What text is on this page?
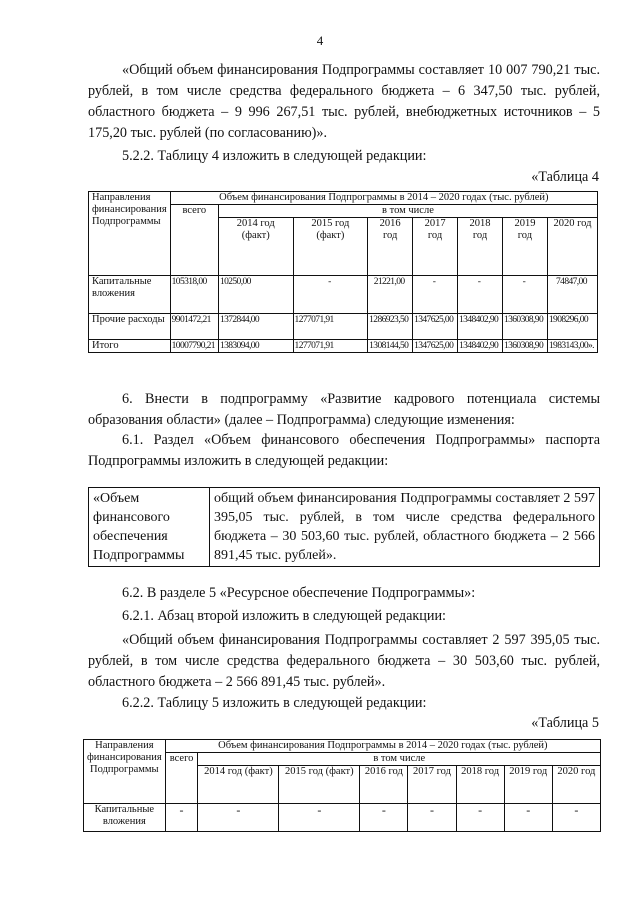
4
«Общий объем финансирования Подпрограммы составляет 10 007 790,21 тыс. рублей, в том числе средства федерального бюджета – 6 347,50 тыс. рублей, областного бюджета – 9 996 267,51 тыс. рублей, внебюджетных источников – 5 175,20 тыс. рублей (по согласованию)».
5.2.2. Таблицу 4 изложить в следующей редакции:
«Таблица 4
Направления финансирования Подпрограммы	Объем финансирования Подпрограммы в 2014 – 2020 годах (тыс. рублей)							
	всего	в том числе						
		2014 год (факт)	2015 год (факт)	2016 год	2017 год	2018 год	2019 год	2020 год
Капитальные вложения	105318,00	10250,00	-	21221,00	-	-	-	74847,00
Прочие расходы	9901472,21	1372844,00	1277071,91	1286923,50	1347625,00	1348402,90	1360308,90	1908296,00
Итого	10007790,21	1383094,00	1277071,91	1308144,50	1347625,00	1348402,90	1360308,90	1983143,00».
6. Внести в подпрограмму «Развитие кадрового потенциала системы образования области» (далее – Подпрограмма) следующие изменения:
6.1. Раздел «Объем финансового обеспечения Подпрограммы» паспорта Подпрограммы изложить в следующей редакции:
«Объем финансового обеспечения Подпрограммы	общий объем финансирования Подпрограммы составляет 2 597 395,05 тыс. рублей, в том числе средства федерального бюджета – 30 503,60 тыс. рублей, областного бюджета – 2 566 891,45 тыс. рублей».
6.2. В разделе 5 «Ресурсное обеспечение Подпрограммы»:
6.2.1. Абзац второй изложить в следующей редакции:
«Общий объем финансирования Подпрограммы составляет 2 597 395,05 тыс. рублей, в том числе средства федерального бюджета – 30 503,60 тыс. рублей, областного бюджета – 2 566 891,45 тыс. рублей».
6.2.2. Таблицу 5 изложить в следующей редакции:
«Таблица 5
Направления финансирования Подпрограммы	Объем финансирования Подпрограммы в 2014 – 2020 годах (тыс. рублей)							
	всего	в том числе						
		2014 год (факт)	2015 год (факт)	2016 год	2017 год	2018 год	2019 год	2020 год
Капитальные вложения	-	-	-	-	-	-	-	-
